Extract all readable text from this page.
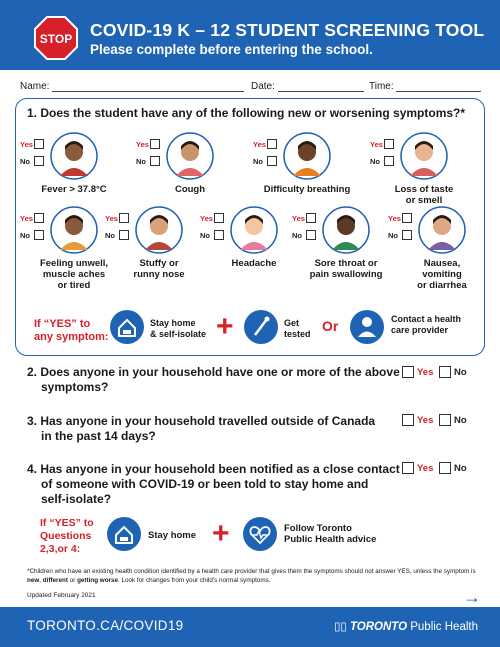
STOP COVID-19 K – 12 STUDENT SCREENING TOOL
Please complete before entering the school.
Name:	Date:	Time:
1. Does the student have any of the following new or worsening symptoms?*
Yes
No
Fever > 37.8°C
Yes
No
Cough
Yes
No
Difficulty breathing
Yes
No
Loss of taste
or smell
Yes
No
Feeling unwell,
muscle aches
or tired
Yes
No
Stuffy or
runny nose
Yes
No
Headache
Yes
No
Sore throat or
pain swallowing
Yes
No
Nausea,
vomiting
or diarrhea
If “YES” to
any symptom:
Stay home
& self-isolate +	Get
tested Or	Contact a health
care provider
2. Does anyone in your household have one or more of the above
symptoms?
Yes No
3. Has anyone in your household travelled outside of Canada
in the past 14 days?
Yes No
4. Has anyone in your household been notified as a close contact
of someone with COVID-19 or been told to stay home and
self-isolate?
Yes No
If “YES” to
Questions
2,3,or 4:
Stay home +	Follow Toronto
Public Health advice
*Children who have an existing health condition identified by a health care provider that gives them the symptoms should not answer YES, unless the symptom is new, different or getting worse. Look for changes from your child’s normal symptoms.
Updated February 2021	→
TORONTO.CA/COVID19	▯▯ TORONTO Public Health
